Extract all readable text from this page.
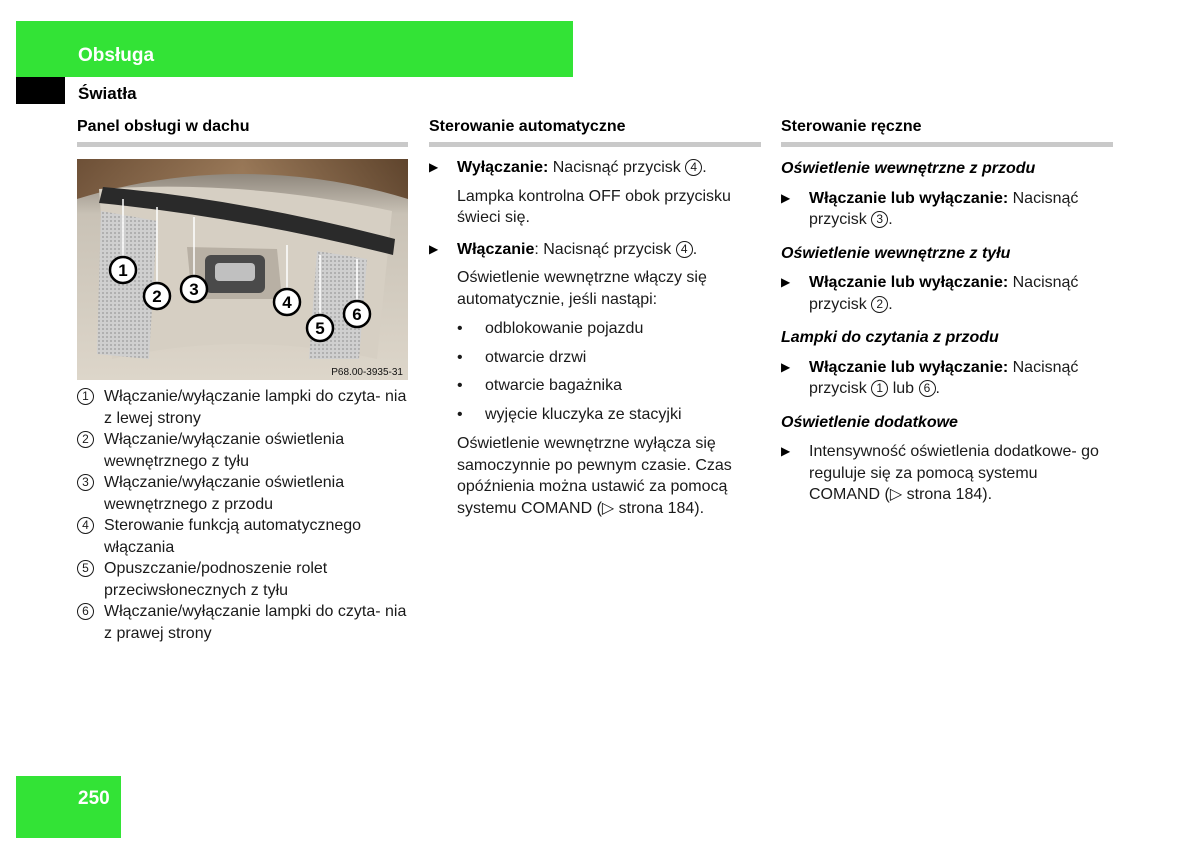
Obsługa
Światła
Panel obsługi w dachu
1
2 3
4
5
6
P68.00-3935-31
1 Włączanie/wyłączanie lampki do czyta- nia z lewej strony
2 Włączanie/wyłączanie oświetlenia wewnętrznego z tyłu
3 Włączanie/wyłączanie oświetlenia wewnętrznego z przodu
4 Sterowanie funkcją automatycznego włączania
5 Opuszczanie/podnoszenie rolet przeciwsłonecznych z tyłu
6 Włączanie/wyłączanie lampki do czyta- nia z prawej strony
Sterowanie automatyczne
▶	Wyłączanie: Nacisnąć przycisk 4 .
Lampka kontrolna OFF obok przycisku świeci się.
▶	Włączanie: Nacisnąć przycisk 4 .
Oświetlenie wewnętrzne włączy się automatycznie, jeśli nastąpi:
•	odblokowanie pojazdu
•	otwarcie drzwi
•	otwarcie bagażnika
•	wyjęcie kluczyka ze stacyjki
Oświetlenie wewnętrzne wyłącza się samoczynnie po pewnym czasie. Czas opóźnienia można ustawić za pomocą systemu COMAND (▷ strona 184).
Sterowanie ręczne
Oświetlenie wewnętrzne z przodu
▶	Włączanie lub wyłączanie: Nacisnąć przycisk 3 .
Oświetlenie wewnętrzne z tyłu
▶	Włączanie lub wyłączanie: Nacisnąć przycisk 2 .
Lampki do czytania z przodu
▶	Włączanie lub wyłączanie: Nacisnąć przycisk 1 lub 6 .
Oświetlenie dodatkowe
▶	Intensywność oświetlenia dodatkowe- go reguluje się za pomocą systemu COMAND (▷ strona 184).
250
